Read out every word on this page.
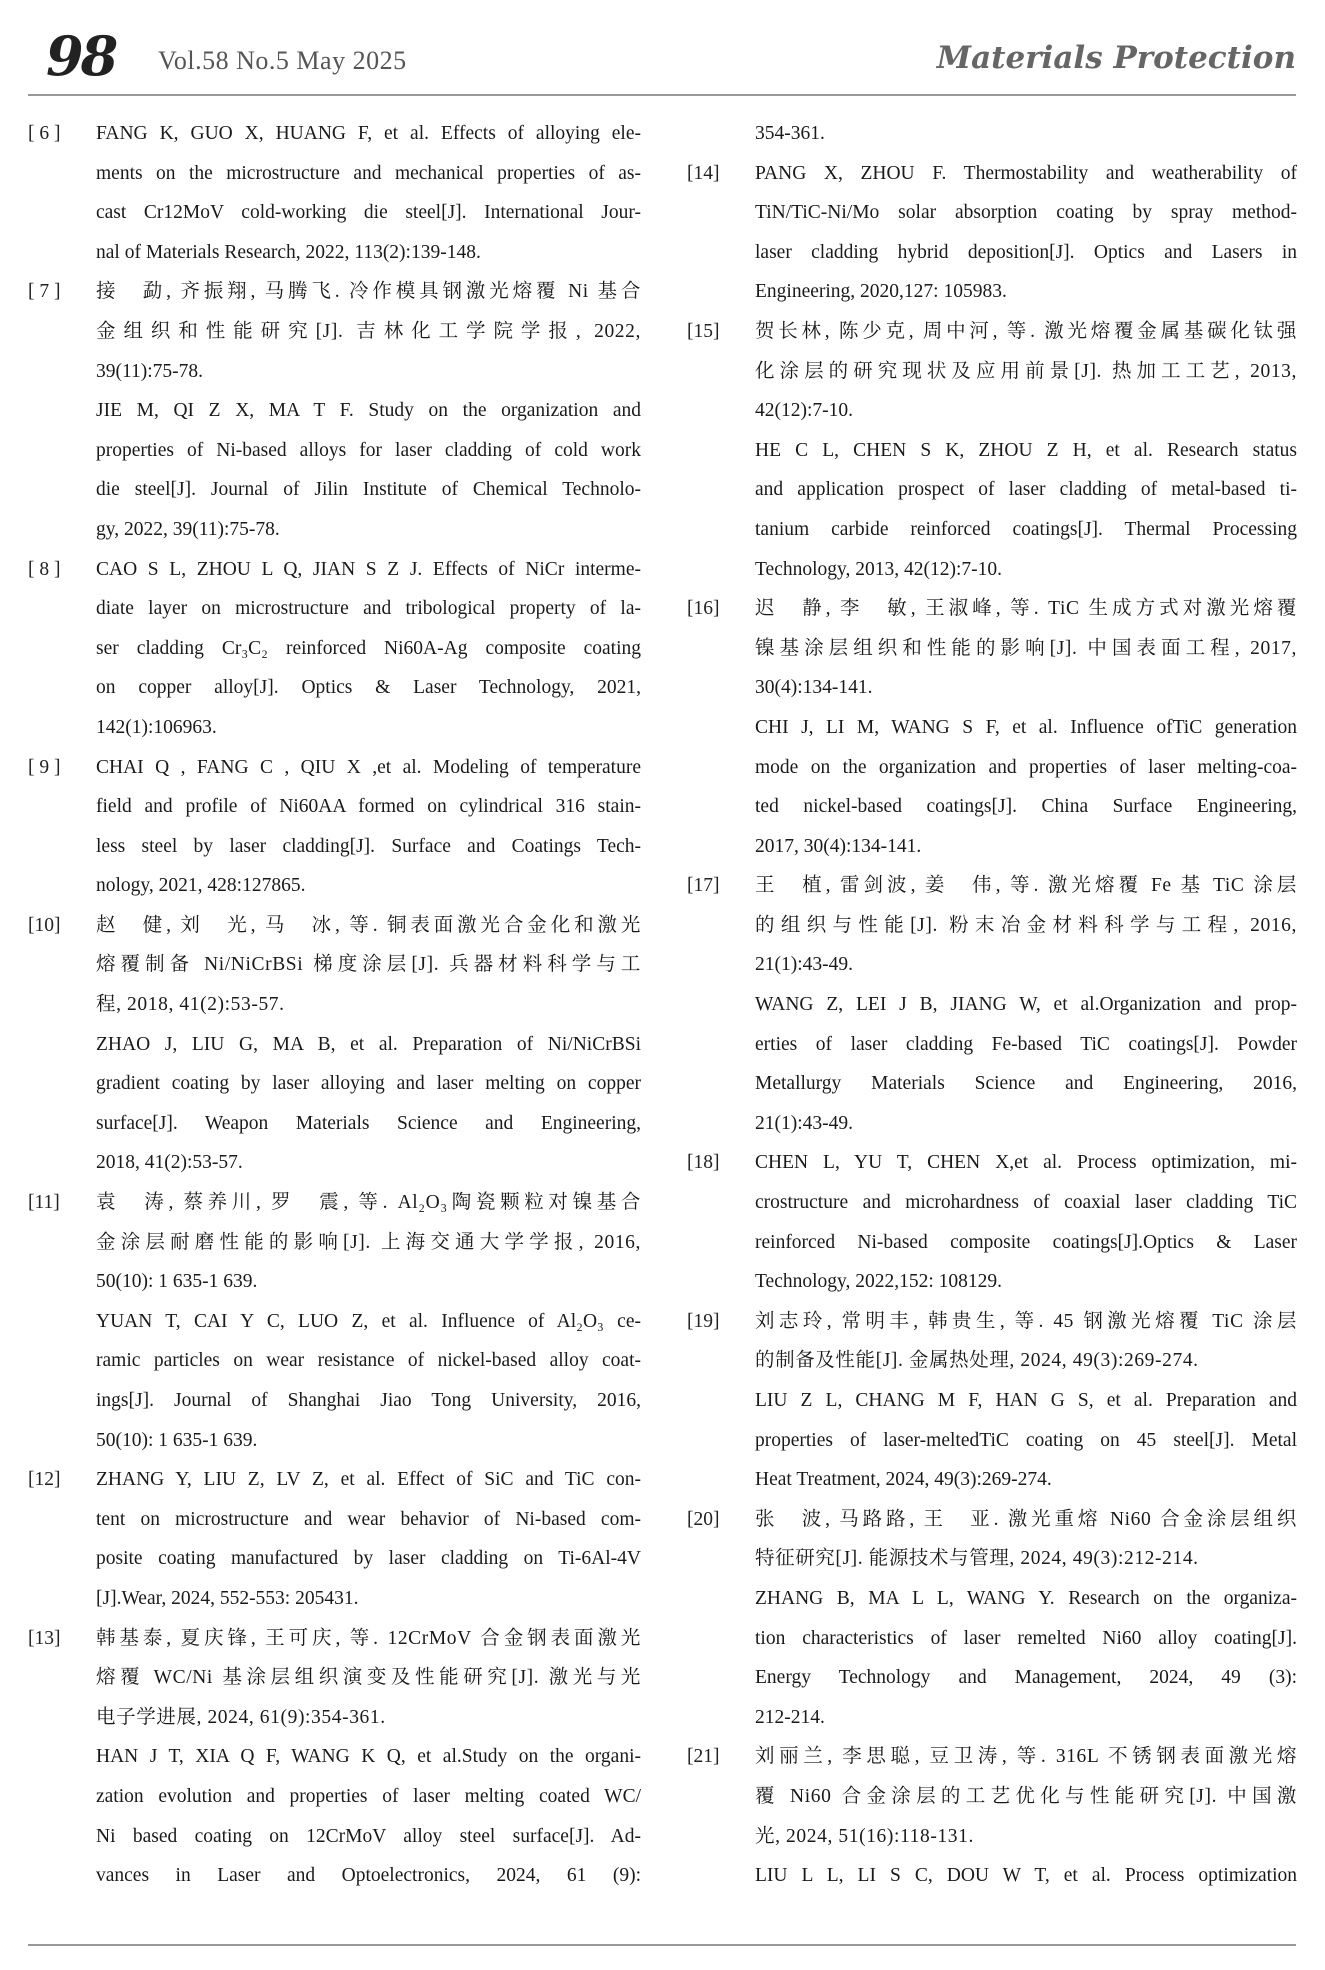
98 Vol.58 No.5 May 2025	Materials Protection
[ 6 ]	FANG K, GUO X, HUANG F, et al. Effects of alloying ele-
ments on the microstructure and mechanical properties of as-
cast Cr12MoV cold-working die steel[J]. International Jour-
nal of Materials Research, 2022, 113(2):139-148.
[ 7 ]	接　勐, 齐振翔, 马腾飞. 冷作模具钢激光熔覆 Ni 基合
金组织和性能研究[J]. 吉林化工学院学报, 2022,
39(11):75-78.
JIE M, QI Z X, MA T F. Study on the organization and
properties of Ni-based alloys for laser cladding of cold work
die steel[J]. Journal of Jilin Institute of Chemical Technolo-
gy, 2022, 39(11):75-78.
[ 8 ]	CAO S L, ZHOU L Q, JIAN S Z J. Effects of NiCr interme-
diate layer on microstructure and tribological property of la-
ser cladding Cr₃C₂ reinforced Ni60A-Ag composite coating
on copper alloy[J]. Optics & Laser Technology, 2021,
142(1):106963.
[ 9 ]	CHAI Q , FANG C , QIU X ,et al. Modeling of temperature
field and profile of Ni60AA formed on cylindrical 316 stain-
less steel by laser cladding[J]. Surface and Coatings Tech-
nology, 2021, 428:127865.
[10]	赵　健, 刘　光, 马　冰, 等. 铜表面激光合金化和激光
熔覆制备 Ni/NiCrBSi 梯度涂层[J]. 兵器材料科学与工
程, 2018, 41(2):53-57.
ZHAO J, LIU G, MA B, et al. Preparation of Ni/NiCrBSi
gradient coating by laser alloying and laser melting on copper
surface[J]. Weapon Materials Science and Engineering,
2018, 41(2):53-57.
[11]	袁　涛, 蔡养川, 罗　震, 等. Al₂O₃陶瓷颗粒对镍基合
金涂层耐磨性能的影响[J]. 上海交通大学学报, 2016,
50(10): 1 635-1 639.
YUAN T, CAI Y C, LUO Z, et al. Influence of Al₂O₃ ce-
ramic particles on wear resistance of nickel-based alloy coat-
ings[J]. Journal of Shanghai Jiao Tong University, 2016,
50(10): 1 635-1 639.
[12]	ZHANG Y, LIU Z, LV Z, et al. Effect of SiC and TiC con-
tent on microstructure and wear behavior of Ni-based com-
posite coating manufactured by laser cladding on Ti-6Al-4V
[J].Wear, 2024, 552-553: 205431.
[13]	韩基泰, 夏庆锋, 王可庆, 等. 12CrMoV 合金钢表面激光
熔覆 WC/Ni 基涂层组织演变及性能研究[J]. 激光与光
电子学进展, 2024, 61(9):354-361.
HAN J T, XIA Q F, WANG K Q, et al.Study on the organi-
zation evolution and properties of laser melting coated WC/
Ni based coating on 12CrMoV alloy steel surface[J]. Ad-
vances in Laser and Optoelectronics, 2024, 61 (9):
354-361.
[14]	PANG X, ZHOU F. Thermostability and weatherability of
TiN/TiC-Ni/Mo solar absorption coating by spray method-
laser cladding hybrid deposition[J]. Optics and Lasers in
Engineering, 2020,127: 105983.
[15]	贺长林, 陈少克, 周中河, 等. 激光熔覆金属基碳化钛强
化涂层的研究现状及应用前景[J]. 热加工工艺, 2013,
42(12):7-10.
HE C L, CHEN S K, ZHOU Z H, et al. Research status
and application prospect of laser cladding of metal-based ti-
tanium carbide reinforced coatings[J]. Thermal Processing
Technology, 2013, 42(12):7-10.
[16]	迟　静, 李　敏, 王淑峰, 等. TiC 生成方式对激光熔覆
镍基涂层组织和性能的影响[J]. 中国表面工程, 2017,
30(4):134-141.
CHI J, LI M, WANG S F, et al. Influence ofTiC generation
mode on the organization and properties of laser melting-coa-
ted nickel-based coatings[J]. China Surface Engineering,
2017, 30(4):134-141.
[17]	王　植, 雷剑波, 姜　伟, 等. 激光熔覆 Fe 基 TiC 涂层
的组织与性能[J]. 粉末冶金材料科学与工程, 2016,
21(1):43-49.
WANG Z, LEI J B, JIANG W, et al.Organization and prop-
erties of laser cladding Fe-based TiC coatings[J]. Powder
Metallurgy Materials Science and Engineering, 2016,
21(1):43-49.
[18]	CHEN L, YU T, CHEN X,et al. Process optimization, mi-
crostructure and microhardness of coaxial laser cladding TiC
reinforced Ni-based composite coatings[J].Optics & Laser
Technology, 2022,152: 108129.
[19]	刘志玲, 常明丰, 韩贵生, 等. 45 钢激光熔覆 TiC 涂层
的制备及性能[J]. 金属热处理, 2024, 49(3):269-274.
LIU Z L, CHANG M F, HAN G S, et al. Preparation and
properties of laser-meltedTiC coating on 45 steel[J]. Metal
Heat Treatment, 2024, 49(3):269-274.
[20]	张　波, 马路路, 王　亚. 激光重熔 Ni60 合金涂层组织
特征研究[J]. 能源技术与管理, 2024, 49(3):212-214.
ZHANG B, MA L L, WANG Y. Research on the organiza-
tion characteristics of laser remelted Ni60 alloy coating[J].
Energy Technology and Management, 2024, 49 (3):
212-214.
[21]	刘丽兰, 李思聪, 豆卫涛, 等. 316L 不锈钢表面激光熔
覆 Ni60 合金涂层的工艺优化与性能研究[J]. 中国激
光, 2024, 51(16):118-131.
LIU L L, LI S C, DOU W T, et al. Process optimization
